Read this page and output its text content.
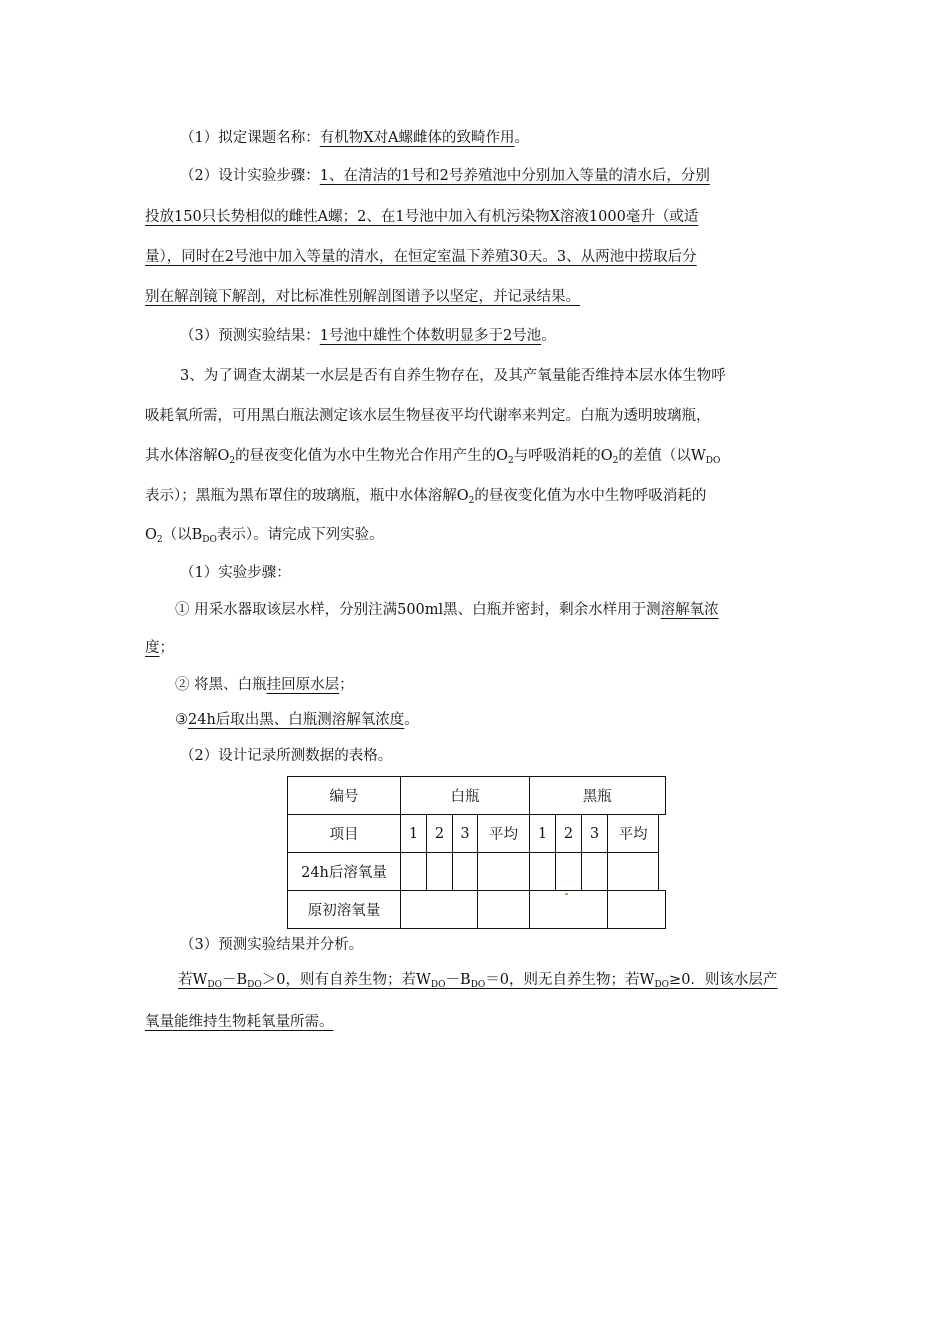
（1）拟定课题名称：有机物X对A螺雌体的致畸作用。
（2）设计实验步骤：1、在清洁的1号和2号养殖池中分别加入等量的清水后，分别
投放150只长势相似的雌性A螺；2、在1号池中加入有机污染物X溶液1000毫升（或适
量），同时在2号池中加入等量的清水，在恒定室温下养殖30天。3、从两池中捞取后分
别在解剖镜下解剖，对比标准性别解剖图谱予以坚定，并记录结果。
（3）预测实验结果：1号池中雄性个体数明显多于2号池。
3、为了调查太湖某一水层是否有自养生物存在，及其产氧量能否维持本层水体生物呼
吸耗氧所需，可用黑白瓶法测定该水层生物昼夜平均代谢率来判定。白瓶为透明玻璃瓶，
其水体溶解$O_2$的昼夜变化值为水中生物光合作用产生的$O_2$与呼吸消耗的$O_2$的差值（以$W_{DO}$
表示）；黑瓶为黑布罩住的玻璃瓶，瓶中水体溶解$O_2$的昼夜变化值为水中生物呼吸消耗的
$O_2$（以$B_{DO}$表示）。请完成下列实验。
（1）实验步骤：
① 用采水器取该层水样，分别注满500ml黑、白瓶并密封，剩余水样用于测溶解氧浓
度；
② 将黑、白瓶挂回原水层；
③24h后取出黑、白瓶测溶解氧浓度。
（2）设计记录所测数据的表格。
编号	白瓶				黑瓶				
项目	1	2	3	平均	1	2	3	平均	
24h后溶氧量									
原初溶氧量									
（3）预测实验结果并分析。
若$W_{DO}-B_{DO}>0$，则有自养生物；若$W_{DO}-B_{DO}=0$，则无自养生物；若$W_{DO}\ge 0$．则该水层产
氧量能维持生物耗氧量所需。
